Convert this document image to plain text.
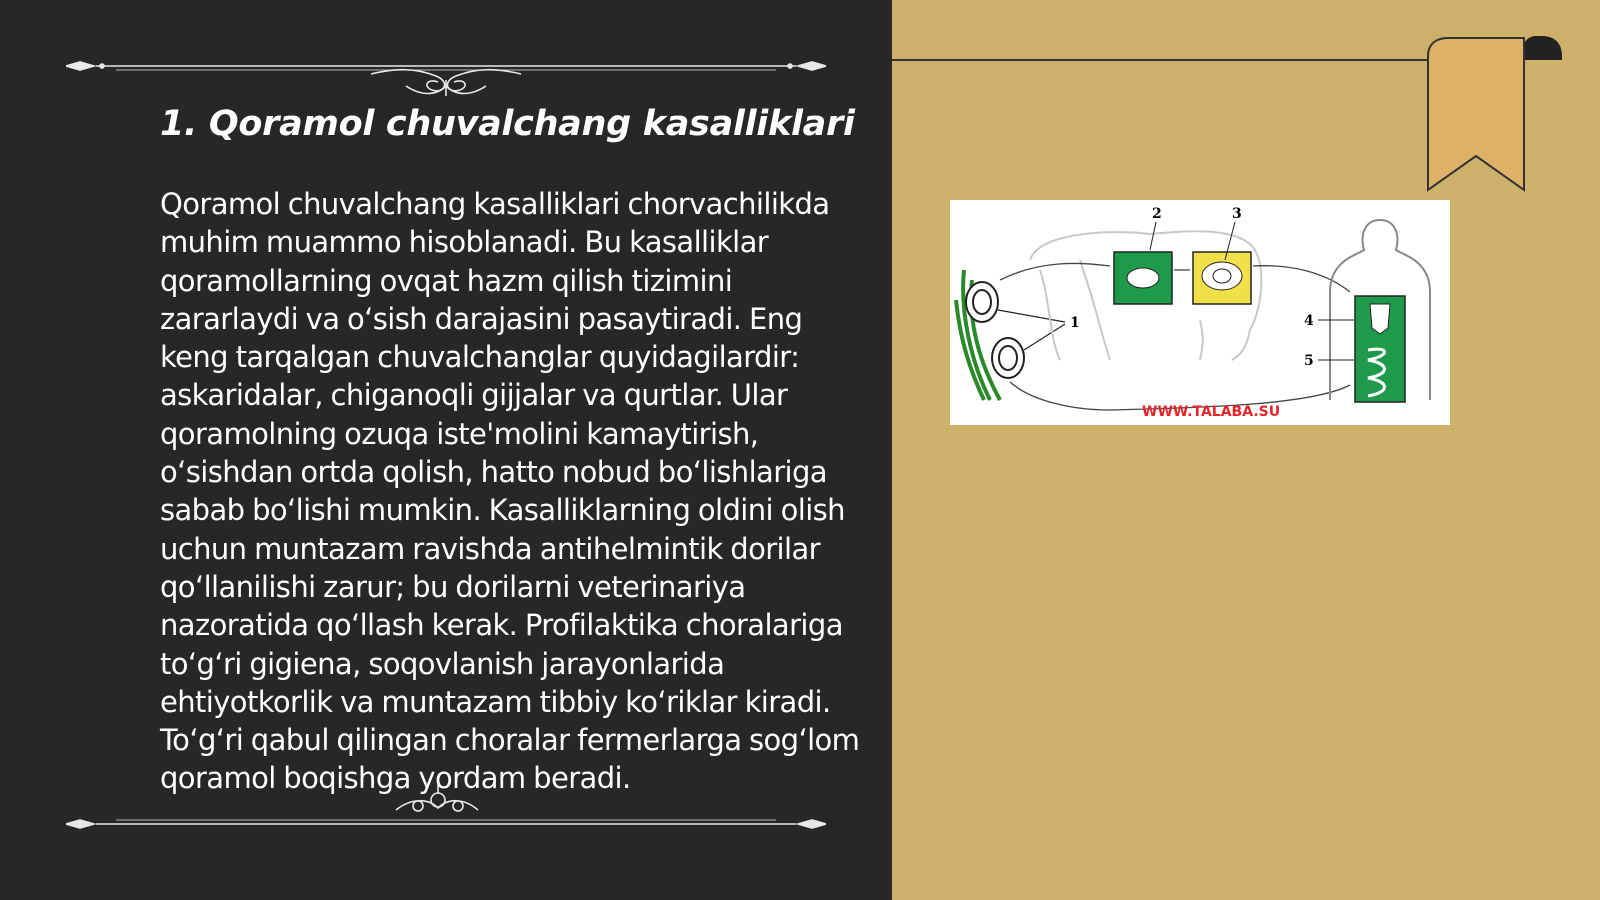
1. Qoramol chuvalchang kasalliklari

Qoramol chuvalchang kasalliklari chorvachilikda muhim muammo hisoblanadi. Bu kasalliklar qoramollarning ovqat hazm qilish tizimini zararlaydi va o‘sish darajasini pasaytiradi. Eng keng tarqalgan chuvalchanglar quyidagilardir: askaridalar, chiganoqli gijjalar va qurtlar. Ular qoramolning ozuqa iste'molini kamaytirish, o‘sishdan ortda qolish, hatto nobud bo‘lishlariga sabab bo‘lishi mumkin. Kasalliklarning oldini olish uchun muntazam ravishda antihelmintik dorilar qo‘llanilishi zarur; bu dorilarni veterinariya nazoratida qo‘llash kerak. Profilaktika choralariga to‘g‘ri gigiena, soqovlanish jarayonlarida ehtiyotkorlik va muntazam tibbiy ko‘riklar kiradi. To‘g‘ri qabul qilingan choralar fermerlarga sog‘lom qoramol boqishga yordam beradi.

1
2	3
4
5
WWW.TALABA.SU
